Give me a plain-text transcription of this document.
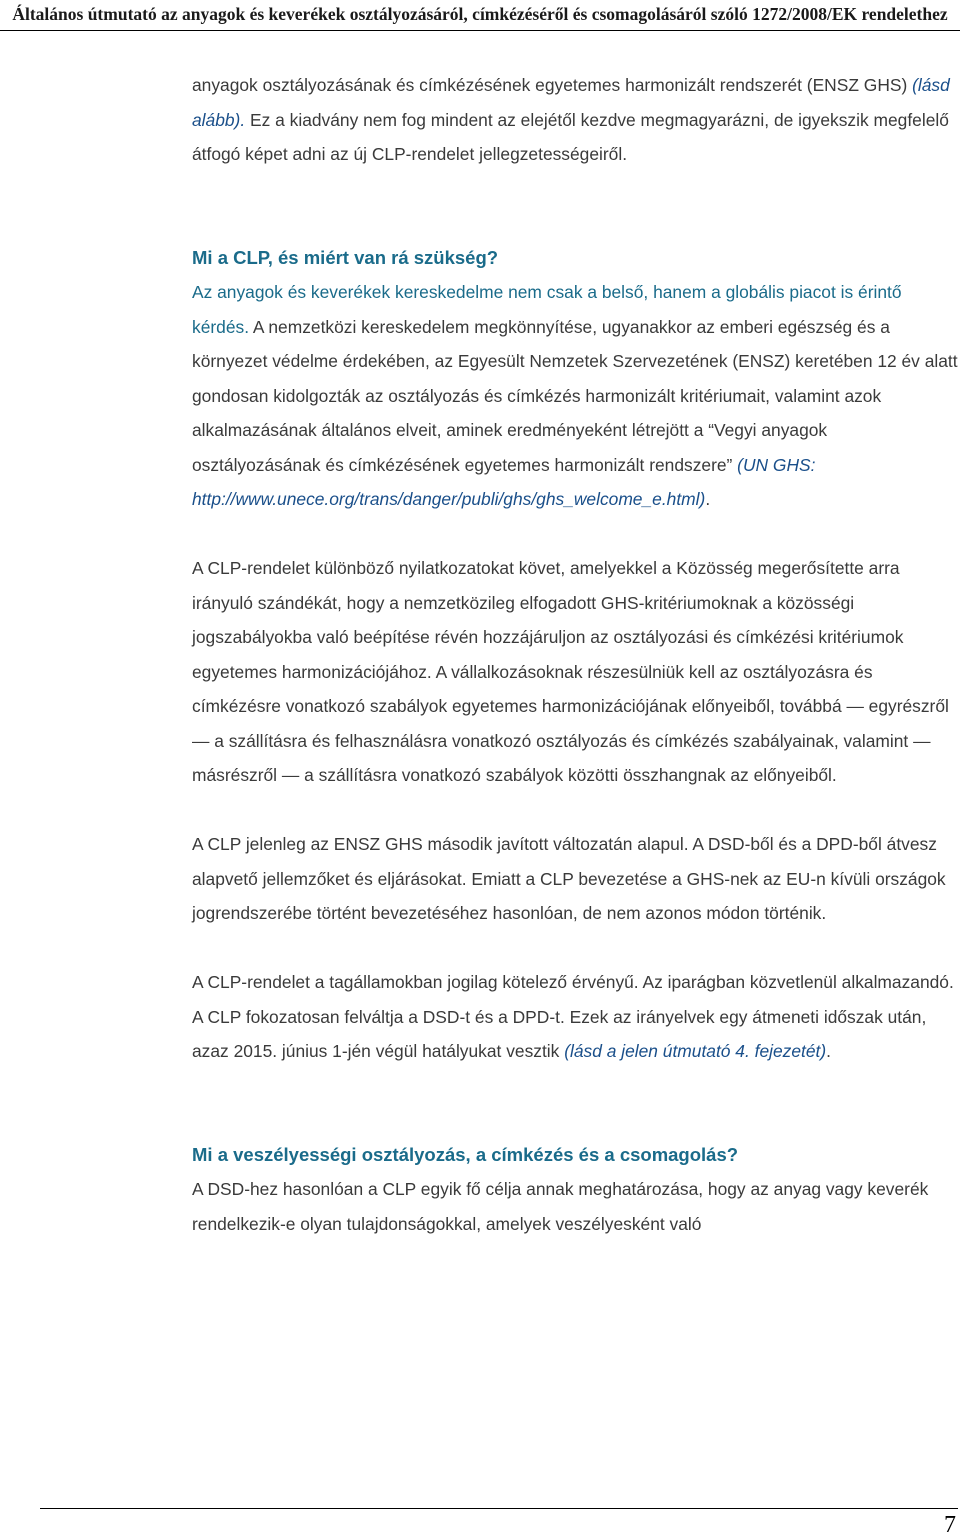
Általános útmutató az anyagok és keverékek osztályozásáról, címkézéséről és csomagolásáról szóló 1272/2008/EK rendelethez

anyagok osztályozásának és címkézésének egyetemes harmonizált rendszerét (ENSZ GHS) (lásd alább). Ez a kiadvány nem fog mindent az elejétől kezdve megmagyarázni, de igyekszik megfelelő átfogó képet adni az új CLP-rendelet jellegzetességeiről.

Mi a CLP, és miért van rá szükség?

Az anyagok és keverékek kereskedelme nem csak a belső, hanem a globális piacot is érintő kérdés. A nemzetközi kereskedelem megkönnyítése, ugyanakkor az emberi egészség és a környezet védelme érdekében, az Egyesült Nemzetek Szervezetének (ENSZ) keretében 12 év alatt gondosan kidolgozták az osztályozás és címkézés harmonizált kritériumait, valamint azok alkalmazásának általános elveit, aminek eredményeként létrejött a “Vegyi anyagok osztályozásának és címkézésének egyetemes harmonizált rendszere” (UN GHS: http://www.unece.org/trans/danger/publi/ghs/ghs_welcome_e.html).

A CLP-rendelet különböző nyilatkozatokat követ, amelyekkel a Közösség megerősítette arra irányuló szándékát, hogy a nemzetközileg elfogadott GHS-kritériumoknak a közösségi jogszabályokba való beépítése révén hozzájáruljon az osztályozási és címkézési kritériumok egyetemes harmonizációjához. A vállalkozásoknak részesülniük kell az osztályozásra és címkézésre vonatkozó szabályok egyetemes harmonizációjának előnyeiből, továbbá — egyrészről — a szállításra és felhasználásra vonatkozó osztályozás és címkézés szabályainak, valamint — másrészről — a szállításra vonatkozó szabályok közötti összhangnak az előnyeiből.

A CLP jelenleg az ENSZ GHS második javított változatán alapul. A DSD-ből és a DPD-ből átvesz alapvető jellemzőket és eljárásokat. Emiatt a CLP bevezetése a GHS-nek az EU-n kívüli országok jogrendszerébe történt bevezetéséhez hasonlóan, de nem azonos módon történik.

A CLP-rendelet a tagállamokban jogilag kötelező érvényű. Az iparágban közvetlenül alkalmazandó. A CLP fokozatosan felváltja a DSD-t és a DPD-t. Ezek az irányelvek egy átmeneti időszak után, azaz 2015. június 1-jén végül hatályukat vesztik (lásd a jelen útmutató 4. fejezetét).

Mi a veszélyességi osztályozás, a címkézés és a csomagolás?

A DSD-hez hasonlóan a CLP egyik fő célja annak meghatározása, hogy az anyag vagy keverék rendelkezik-e olyan tulajdonságokkal, amelyek veszélyesként való

7
